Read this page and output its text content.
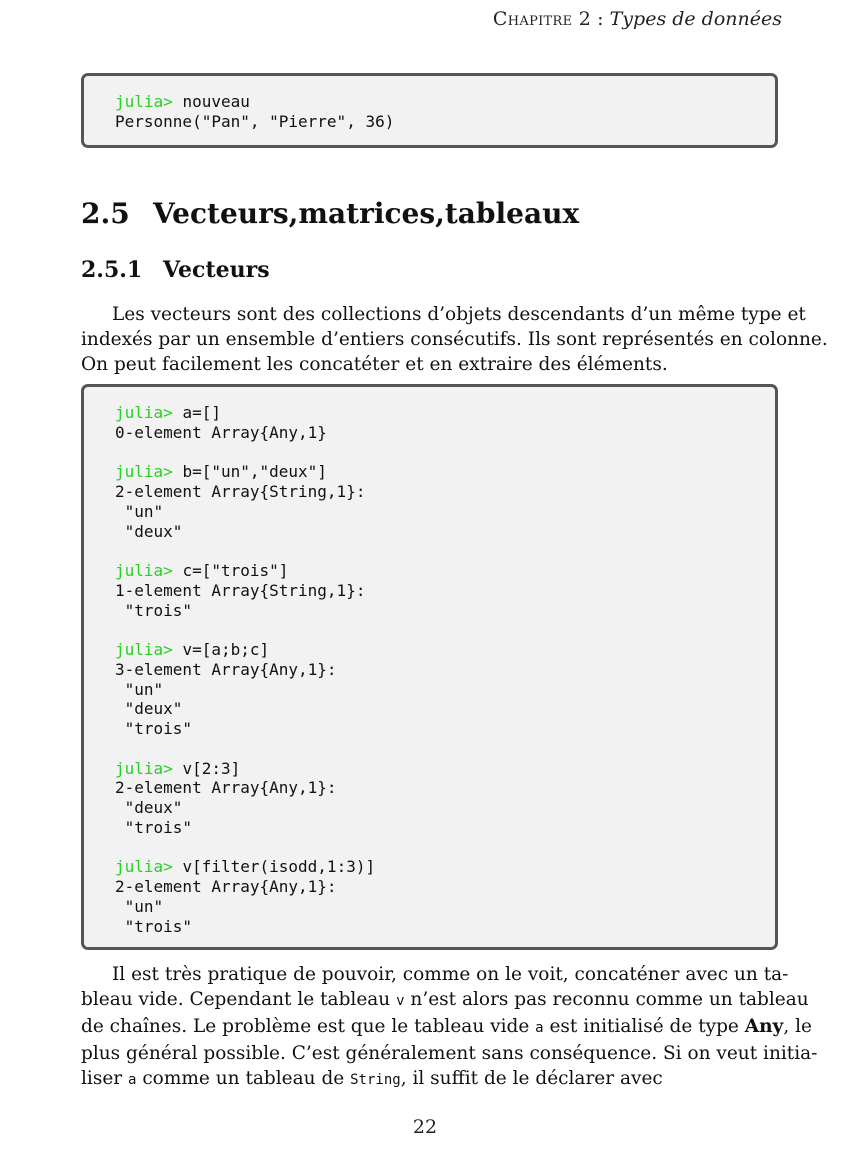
Chapitre 2 : Types de données
julia> nouveau
Personne("Pan", "Pierre", 36)
2.5 Vecteurs,matrices,tableaux
2.5.1 Vecteurs
Les vecteurs sont des collections d’objets descendants d’un même type et
indexés par un ensemble d’entiers consécutifs. Ils sont représentés en colonne.
On peut facilement les concatéter et en extraire des éléments.
julia> a=[]
0-element Array{Any,1}
julia> b=["un","deux"]
2-element Array{String,1}:
"un"
"deux"
julia> c=["trois"]
1-element Array{String,1}:
"trois"
julia> v=[a;b;c]
3-element Array{Any,1}:
"un"
"deux"
"trois"
julia> v[2:3]
2-element Array{Any,1}:
"deux"
"trois"
julia> v[filter(isodd,1:3)]
2-element Array{Any,1}:
"un"
"trois"
Il est très pratique de pouvoir, comme on le voit, concaténer avec un ta-
bleau vide. Cependant le tableau v n’est alors pas reconnu comme un tableau
de chaînes. Le problème est que le tableau vide a est initialisé de type Any, le
plus général possible. C’est généralement sans conséquence. Si on veut initia-
liser a comme un tableau de String, il suffit de le déclarer avec
22
